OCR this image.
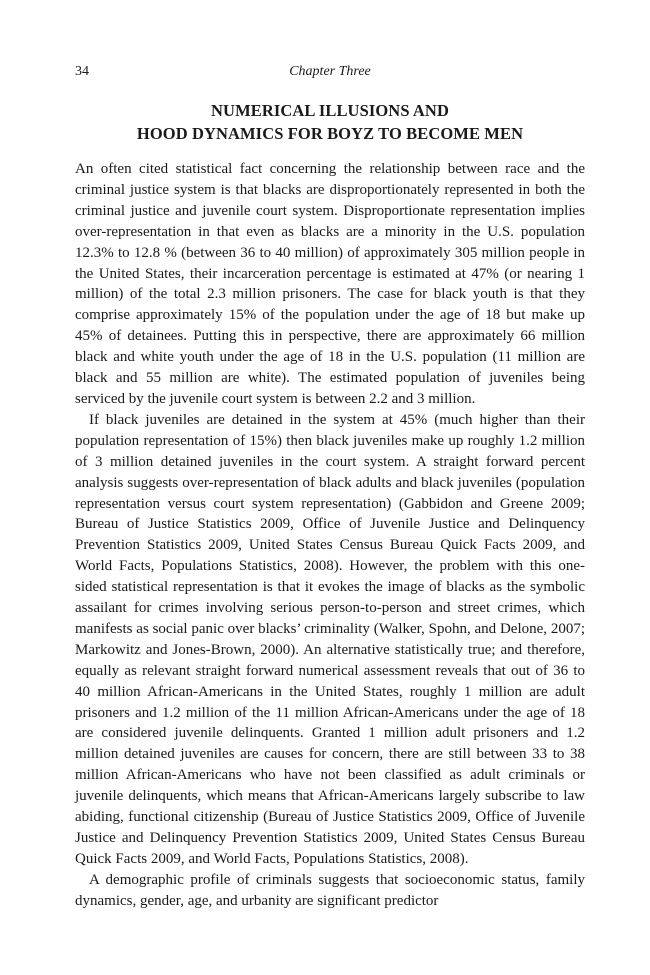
34	Chapter Three
NUMERICAL ILLUSIONS AND
HOOD DYNAMICS FOR BOYZ TO BECOME MEN

An often cited statistical fact concerning the relationship between race and the criminal justice system is that blacks are disproportionately represented in both the criminal justice and juvenile court system. Disproportionate representation implies over-representation in that even as blacks are a minority in the U.S. population 12.3% to 12.8 % (between 36 to 40 million) of approximately 305 million people in the United States, their incarceration percentage is estimated at 47% (or nearing 1 million) of the total 2.3 million prisoners. The case for black youth is that they comprise approximately 15% of the population under the age of 18 but make up 45% of detainees. Putting this in perspective, there are approximately 66 million black and white youth under the age of 18 in the U.S. population (11 million are black and 55 million are white). The estimated population of juveniles being serviced by the juvenile court system is between 2.2 and 3 million.

If black juveniles are detained in the system at 45% (much higher than their population representation of 15%) then black juveniles make up roughly 1.2 million of 3 million detained juveniles in the court system. A straight forward percent analysis suggests over-representation of black adults and black juveniles (population representation versus court system representation) (Gabbidon and Greene 2009; Bureau of Justice Statistics 2009, Office of Juvenile Justice and Delinquency Prevention Statistics 2009, United States Census Bureau Quick Facts 2009, and World Facts, Populations Statistics, 2008). However, the problem with this one-sided statistical representation is that it evokes the image of blacks as the symbolic assailant for crimes involving serious person-to-person and street crimes, which manifests as social panic over blacks’ criminality (Walker, Spohn, and Delone, 2007; Markowitz and Jones-Brown, 2000). An alternative statistically true; and therefore, equally as relevant straight forward numerical assessment reveals that out of 36 to 40 million African-Americans in the United States, roughly 1 million are adult prisoners and 1.2 million of the 11 million African-Americans under the age of 18 are considered juvenile delinquents. Granted 1 million adult prisoners and 1.2 million detained juveniles are causes for concern, there are still between 33 to 38 million African-Americans who have not been classified as adult criminals or juvenile delinquents, which means that African-Americans largely subscribe to law abiding, functional citizenship (Bureau of Justice Statistics 2009, Office of Juvenile Justice and Delinquency Prevention Statistics 2009, United States Census Bureau Quick Facts 2009, and World Facts, Populations Statistics, 2008).

A demographic profile of criminals suggests that socioeconomic status, family dynamics, gender, age, and urbanity are significant predictor
